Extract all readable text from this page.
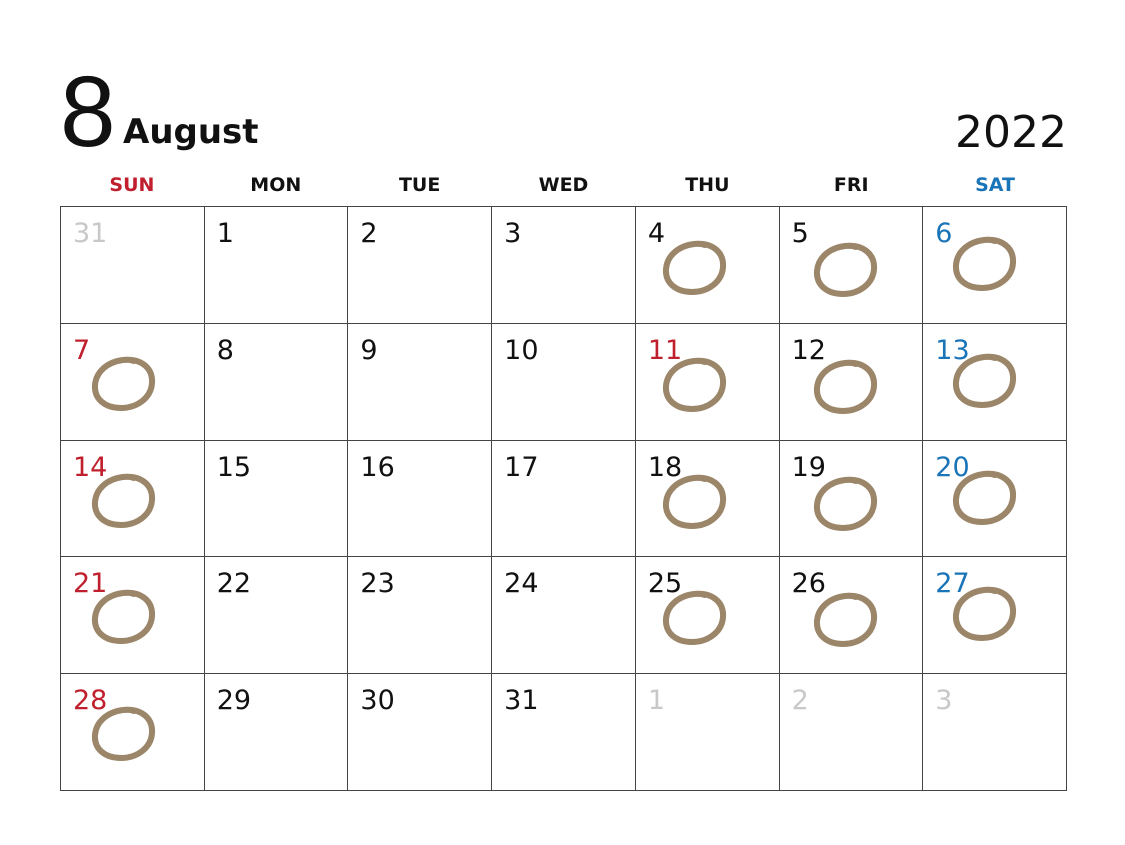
8 August	2022
SUN	MON	TUE	WED	THU	FRI	SAT
31	1	2	3	4	5	6
7	8	9	10	11	12	13
14	15	16	17	18	19	20
21	22	23	24	25	26	27
28	29	30	31	1	2	3
